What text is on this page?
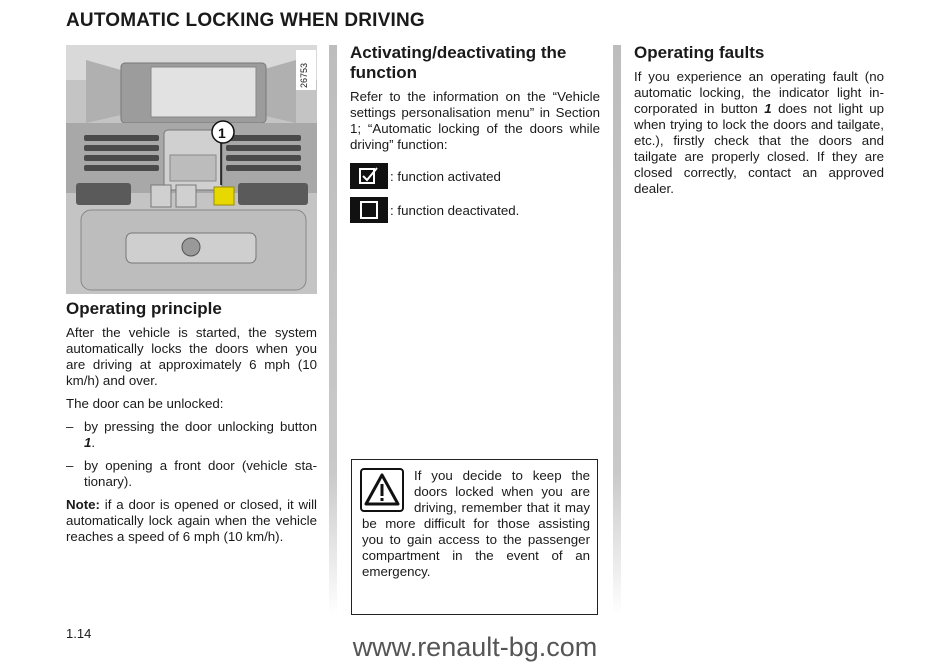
AUTOMATIC LOCKING WHEN DRIVING
1
26753
Operating principle

After the vehicle is started, the system automatically locks the doors when you are driving at approximately 6 mph (10 km/h) and over.

The door can be unlocked:

– by pressing the door unlocking button 1.
– by opening a front door (vehicle stationary).

Note: if a door is opened or closed, it will automatically lock again when the vehicle reaches a speed of 6 mph (10 km/h).

Activating/deactivating the function

Refer to the information on the “Vehicle settings personalisation menu” in Section 1; “Automatic locking of the doors while driving” function:

: function activated
: function deactivated.
If you decide to keep the doors locked when you are driving, remember that it may be more difficult for those assisting you to gain access to the passenger compartment in the event of an emergency.
Operating faults

If you experience an operating fault (no automatic locking, the indicator light incorporated in button 1 does not light up when trying to lock the doors and tailgate, etc.), firstly check that the doors and tailgate are properly closed. If they are closed correctly, contact an approved dealer.

1.14	www.renault-bg.com
